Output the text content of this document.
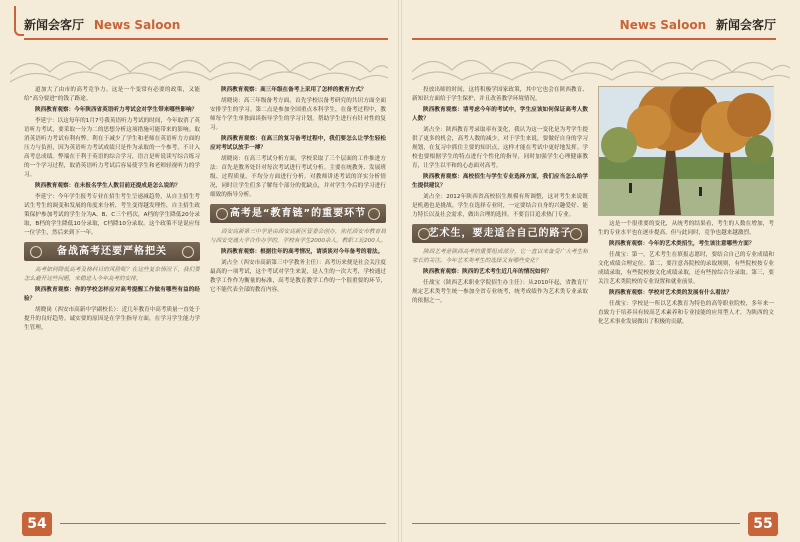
新闻会客厅 News Saloon

道加大了由市的高考竞争力。这是一个变常有必要的政策，又能给“高分要进”的钱了路途。

陕西教育观察：今年陕西省英语听力考试会对学生带来哪些影响？

李延宁：以这每年的1月7号我英语听力考试的时间，今年取消了英语听力考试，要采取一分为二的思想分析这项措施可能带来的影响。取消英语听力考试有利有弊。利在于减少了学生和老师在英语听力方面的压力与负担，因为英语听力考试成绩只是作为录取的一个参考。不计入高考总成绩。弊端在于利于英语的综合学习，语言是听说读写综合练习的一个学习过程，取消英语听力考试后容易使学生和老师轻视听力的学习。

陕西教育观察：在未报名学生人数目前还提成是怎么说的？

李延宁：今年学生报考专业在招生考生呈递减趋势，从自主招生考试生考生的调变和发展的角度来分析，考生变得越发理性，自主招生政策保护参加考试的学生分为A、B、C三个档次，A档的学生降低20分录取，B档的学生降低10分录取，C档降10分录取。这个政策不是说应每一位学生，然后来到下一年。

备战高考还要严格把关

高考如何降低高考及格科目的风险呢？在这些复杂情况下，我们要怎么避开这些问题，来稳进入今年高考的安排。

陕西教育观察：你的学校怎样应对高考提醒工作做有哪些有益的经验？

胡晓岗（西安市高新中学副校长）：近几年教育中高考质量一直处于提升的良好趋势。诚实要的原因是在学生指导方面，在学习学生能力学生管理。

陕西教育观察：高三年级在备考上采用了怎样的教育方式？

胡晓岗：高三年级备考方面，首先学校以备考研究的共识方面全面安排学生的学习。第二点是参加全国重点本科学生，在备考过程中，教师每个学生单独面谈指导学生的学习计划，帮助学生进行有针对性的复习。

陕西教育观察：在高三的复习备考过程中，我们要怎么让学生轻松应对考试以放手一搏？

胡晓岗：在高三考试分析方面，学校采取了三个层面的工作推进方法：首先是教务处针对每次考试进行考试分析。主要在统教务、发展班级、过程质量。不均分方面进行分析。对教师讲述考试的详实分析情况，同时让学生们多了解每个部分的优缺点，并对学生今后的学习进行细致的指导分析。

高考是“教育链”的重要环节

西安高新第三中学是由西安高新区管委会创办，依托西安市教育局与西安交通大学合作办学的，学校有学生2000余人，教职工近200人。

陕西教育观察：根据往年的高考情况，请谈谈对今年备考的看法。

刘占全（西安市高新第三中学教务主任）：高考历来便是社会关注度最高的一项考试，这个考试对学生来说，是人生的一次大考，学校通过教学工作作为衡量的标准，高考是教育教学工作的一个很重要的环节，它不能代表全部的教育内容。

54
News Saloon 新闻会客厅

投放出师的时间，这将积极学国家政策，其中它也会在陕西教育、新知识方面给于学生保护，并且改善教学环境情况。

陕西教育观察：请考虑今年的考试中，学生应该如何保证高考人数人数？

刘占全：陕西教育考录取率有变化，我认为这一变化是为考学生提供了更多的机会，高考人数的减少，对于学生来说，要做好自身的学习规划，在复习中抓住主要的知识点，这样才能在考试中更好地发挥。学校也要根据学生的特点进行个性化的指导，同时加强学生心理健康教育，让学生以平和的心态面对高考。

陕西教育观察：高校招生与学生专业选择方面，我们应当怎么给学生提供建议？

刘占全：2012年陕西省高校招生规模有所调整，这对考生来说既是机遇也是挑战。学生在选择专业时，一定要结合自身的兴趣爱好、能力特长以及社会需求，做出合理的选择，不要盲目追求热门专业。

艺术生，要走适合自己的路子

陕西艺考是陕西高考的重要组成部分，它一直以来备受广大考生和家长的关注。今年艺术类考生的选择又有哪些变化？

陕西教育观察：陕西的艺术考生近几年的情况如何？

任战宝（陕西艺术职业学院招生办主任）：从2010年起，省教育厅规定艺术类考生统一参加全省专业统考，统考成绩作为艺术类专业录取的依据之一。

这是一个很重要的变化，从统考的结果看，考生的人数在增加，考生的专业水平也在逐步提高，但与此同时，竞争也越来越激烈。

陕西教育观察：今年的艺术类招生，考生该注意哪些方面？

任战宝：第一，艺术考生在填报志愿时，要结合自己的专业成绩和文化成绩合理定位。第二，要注意各院校的录取规则，有些院校按专业成绩录取，有些院校按文化成绩录取，还有些按综合分录取。第三，要关注艺术类院校的专业设置和就业前景。

陕西教育观察：学校对艺术类的发展有什么看法？

任战宝：学校是一所以艺术教育为特色的高等职业院校，多年来一直致力于培养具有较高艺术素养和专业技能的应用型人才，为陕西的文化艺术事业发展做出了积极的贡献。

55
